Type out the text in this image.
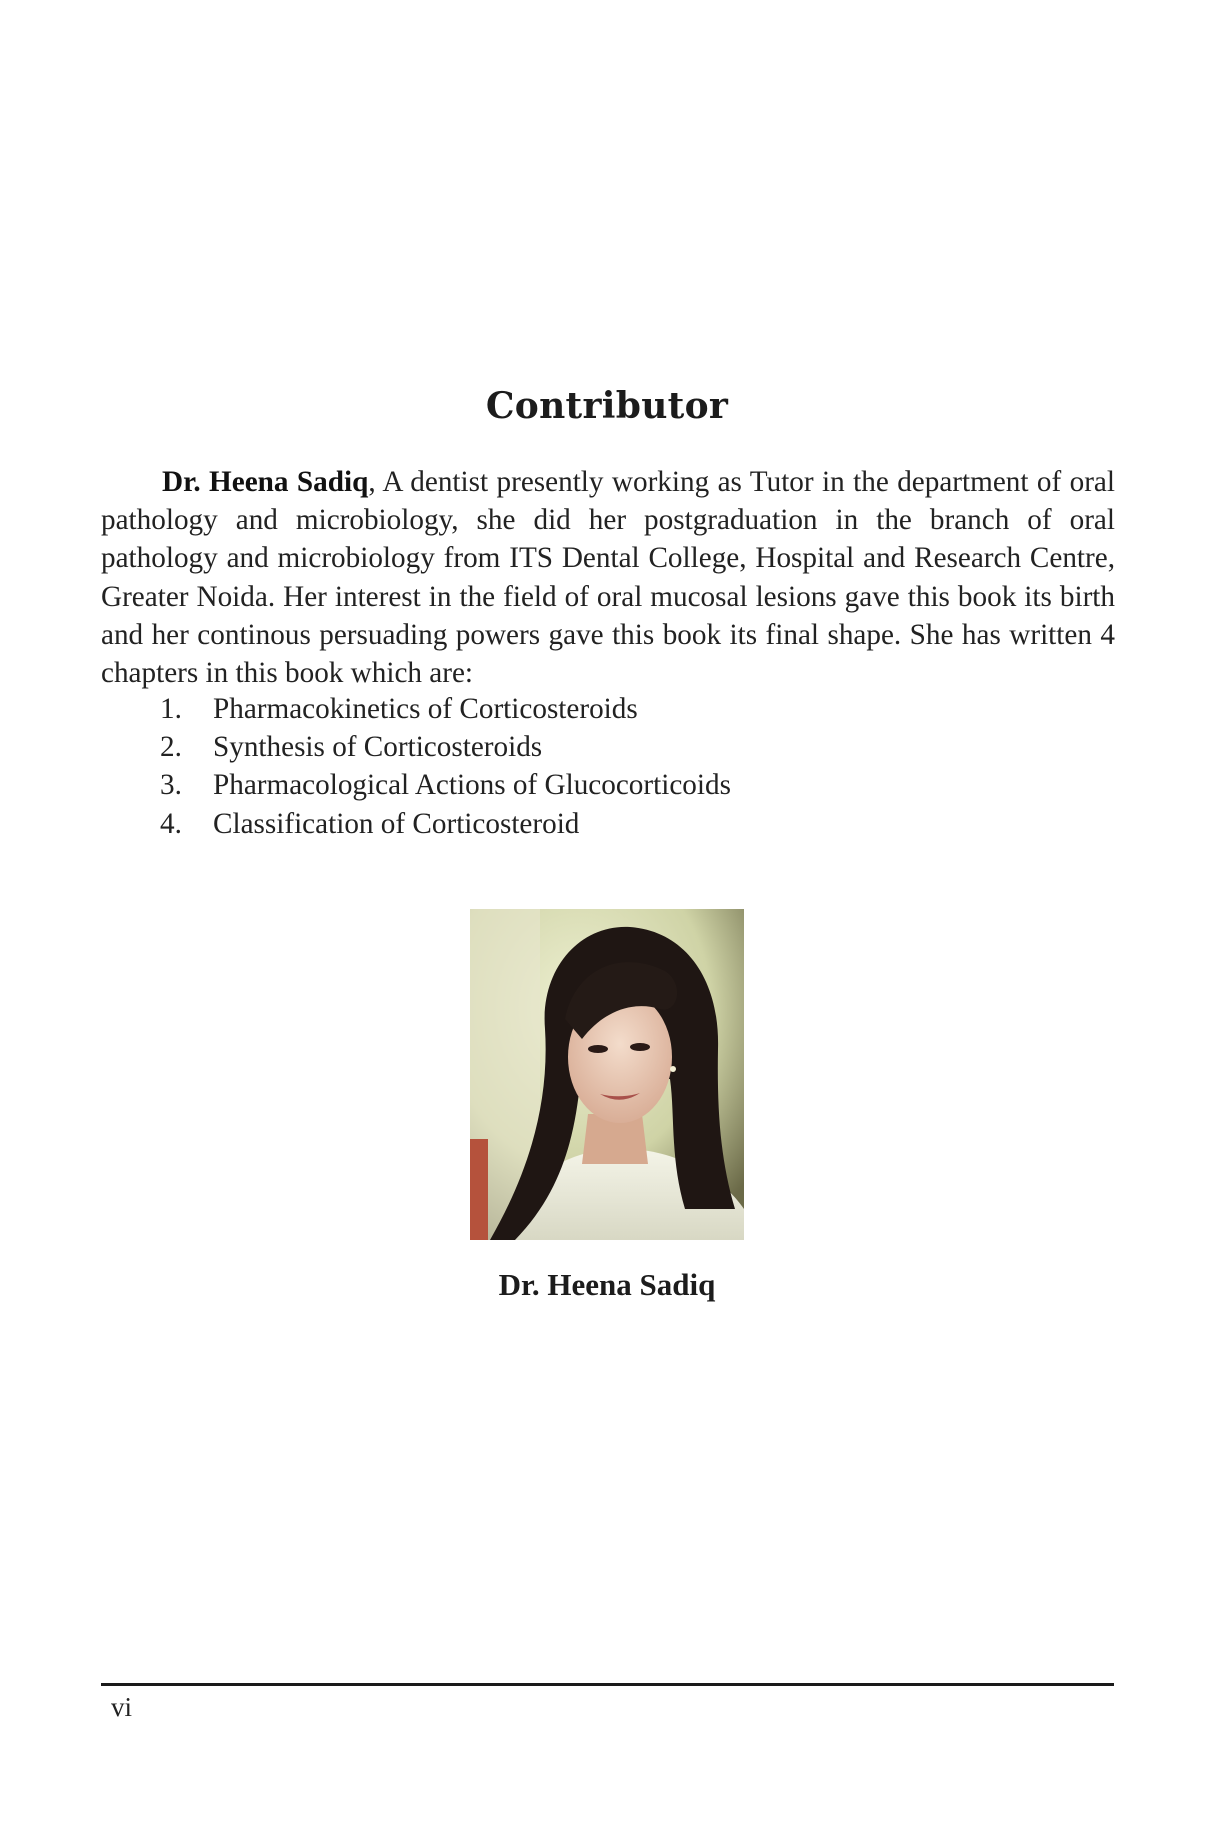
Contributor

Dr. Heena Sadiq, A dentist presently working as Tutor in the department of oral pathology and microbiology, she did her postgraduation in the branch of oral pathology and microbiology from ITS Dental College, Hospital and Research Centre, Greater Noida. Her interest in the field of oral mucosal lesions gave this book its birth and her continous persuading powers gave this book its final shape. She has written 4 chapters in this book which are:

1.	Pharmacokinetics of Corticosteroids
2.	Synthesis of Corticosteroids
3.	Pharmacological Actions of Glucocorticoids
4.	Classification of Corticosteroid
Dr. Heena Sadiq
vi
